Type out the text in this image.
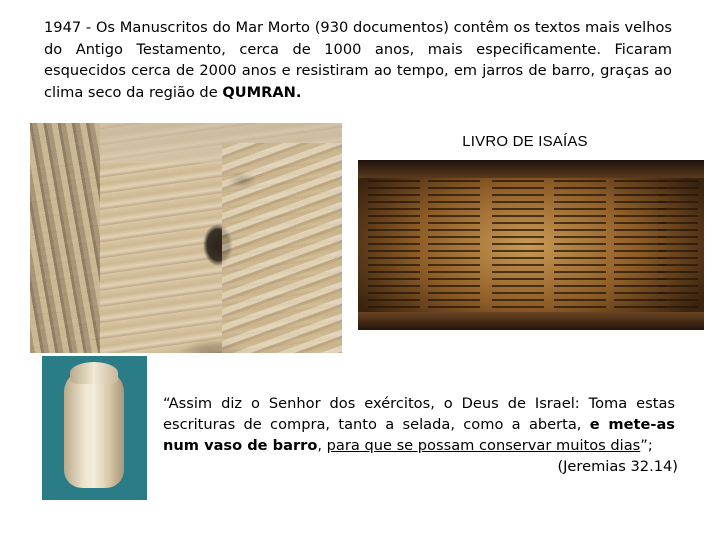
1947 - Os Manuscritos do Mar Morto (930 documentos) contêm os textos mais velhos do Antigo Testamento, cerca de 1000 anos, mais especificamente. Ficaram esquecidos cerca de 2000 anos e resistiram ao tempo, em jarros de barro, graças ao clima seco da região de QUMRAN.
LIVRO DE ISAÍAS
“Assim diz o Senhor dos exércitos, o Deus de Israel: Toma estas escrituras de compra, tanto a selada, como a aberta, e mete-as num vaso de barro, para que se possam conservar muitos dias”;
(Jeremias 32.14)
